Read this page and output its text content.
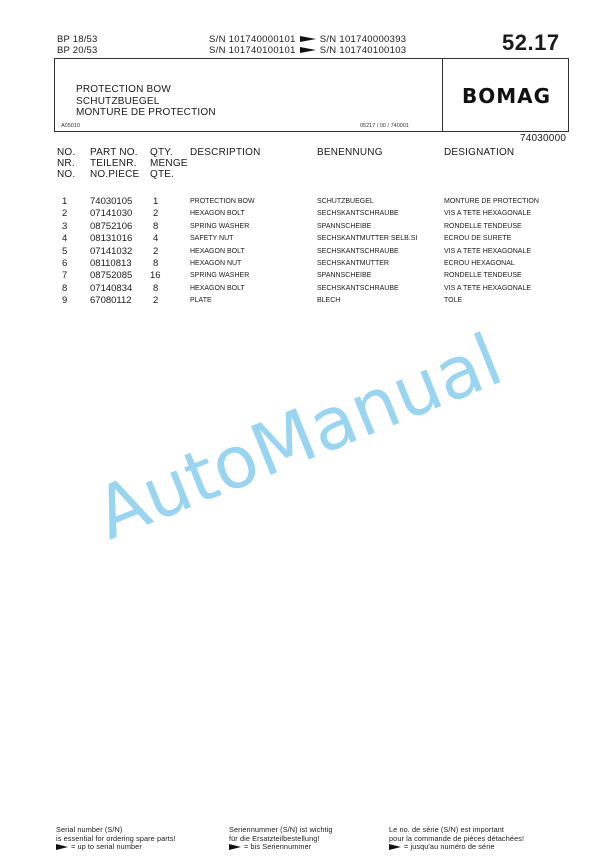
BP 18/53
BP 20/53
S/N 101740000101	S/N 101740000393
S/N 101740100101	S/N 101740100103	52.17
PROTECTION BOW
SCHUTZBUEGEL
MONTURE DE PROTECTION
A05010	05217 / 00 / 740001
BOMAG
74030000
NO.
NR.
NO.
PART NO.
TEILENR.
NO.PIECE
QTY.
MENGE
QTE.
DESCRIPTION	BENENNUNG	DESIGNATION
1 74030105 1	PROTECTION BOW	SCHUTZBUEGEL	MONTURE DE PROTECTION
2 07141030 2	HEXAGON BOLT	SECHSKANTSCHRAUBE	VIS A TETE HEXAGONALE
3 08752106 8	SPRING WASHER	SPANNSCHEIBE	RONDELLE TENDEUSE
4 08131016 4	SAFETY NUT	SECHSKANTMUTTER SELB.SI	ECROU DE SURETE
5 07141032 2	HEXAGON BOLT	SECHSKANTSCHRAUBE	VIS A TETE HEXAGONALE
6 08110813 8	HEXAGON NUT	SECHSKANTMUTTER	ECROU HEXAGONAL
7 08752085 16	SPRING WASHER	SPANNSCHEIBE	RONDELLE TENDEUSE
8 07140834 8	HEXAGON BOLT	SECHSKANTSCHRAUBE	VIS A TETE HEXAGONALE
9 67080112 2	PLATE	BLECH	TOLE
AutoManual
Serial number (S/N)
is essential for ordering spare parts!
= up to serial number
Seriennummer (S/N) ist wichtig
für die Ersatzteilbestellung!
= bis Seriennummer
Le no. de série (S/N) est important
pour la commande de pièces détachées!
= jusqu'au numéro de série
